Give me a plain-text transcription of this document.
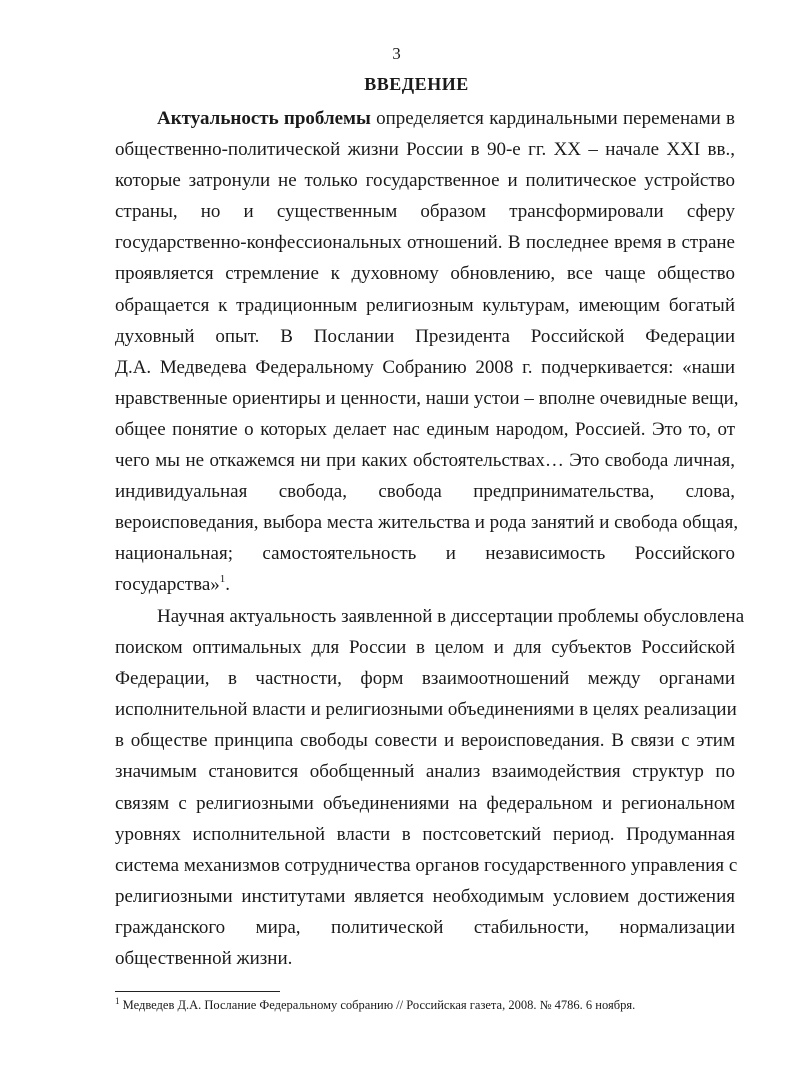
3
ВВЕДЕНИЕ
Актуальность проблемы определяется кардинальными переменами в
общественно-политической жизни России в 90-е гг. XX – начале XXI вв.,
которые затронули не только государственное и политическое устройство
страны, но и существенным образом трансформировали сферу
государственно-конфессиональных отношений. В последнее время в стране
проявляется стремление к духовному обновлению, все чаще общество
обращается к традиционным религиозным культурам, имеющим богатый
духовный опыт. В Послании Президента Российской Федерации
Д.А. Медведева Федеральному Собранию 2008 г. подчеркивается: «наши
нравственные ориентиры и ценности, наши устои – вполне очевидные вещи,
общее понятие о которых делает нас единым народом, Россией. Это то, от
чего мы не откажемся ни при каких обстоятельствах… Это свобода личная,
индивидуальная свобода, свобода предпринимательства, слова,
вероисповедания, выбора места жительства и рода занятий и свобода общая,
национальная; самостоятельность и независимость Российского
государства»$^1$.
Научная актуальность заявленной в диссертации проблемы обусловлена
поиском оптимальных для России в целом и для субъектов Российской
Федерации, в частности, форм взаимоотношений между органами
исполнительной власти и религиозными объединениями в целях реализации
в обществе принципа свободы совести и вероисповедания. В связи с этим
значимым становится обобщенный анализ взаимодействия структур по
связям с религиозными объединениями на федеральном и региональном
уровнях исполнительной власти в постсоветский период. Продуманная
система механизмов сотрудничества органов государственного управления с
религиозными институтами является необходимым условием достижения
гражданского мира, политической стабильности, нормализации
общественной жизни.
$^1$ Медведев Д.А. Послание Федеральному собранию // Российская газета, 2008. № 4786. 6 ноября.
